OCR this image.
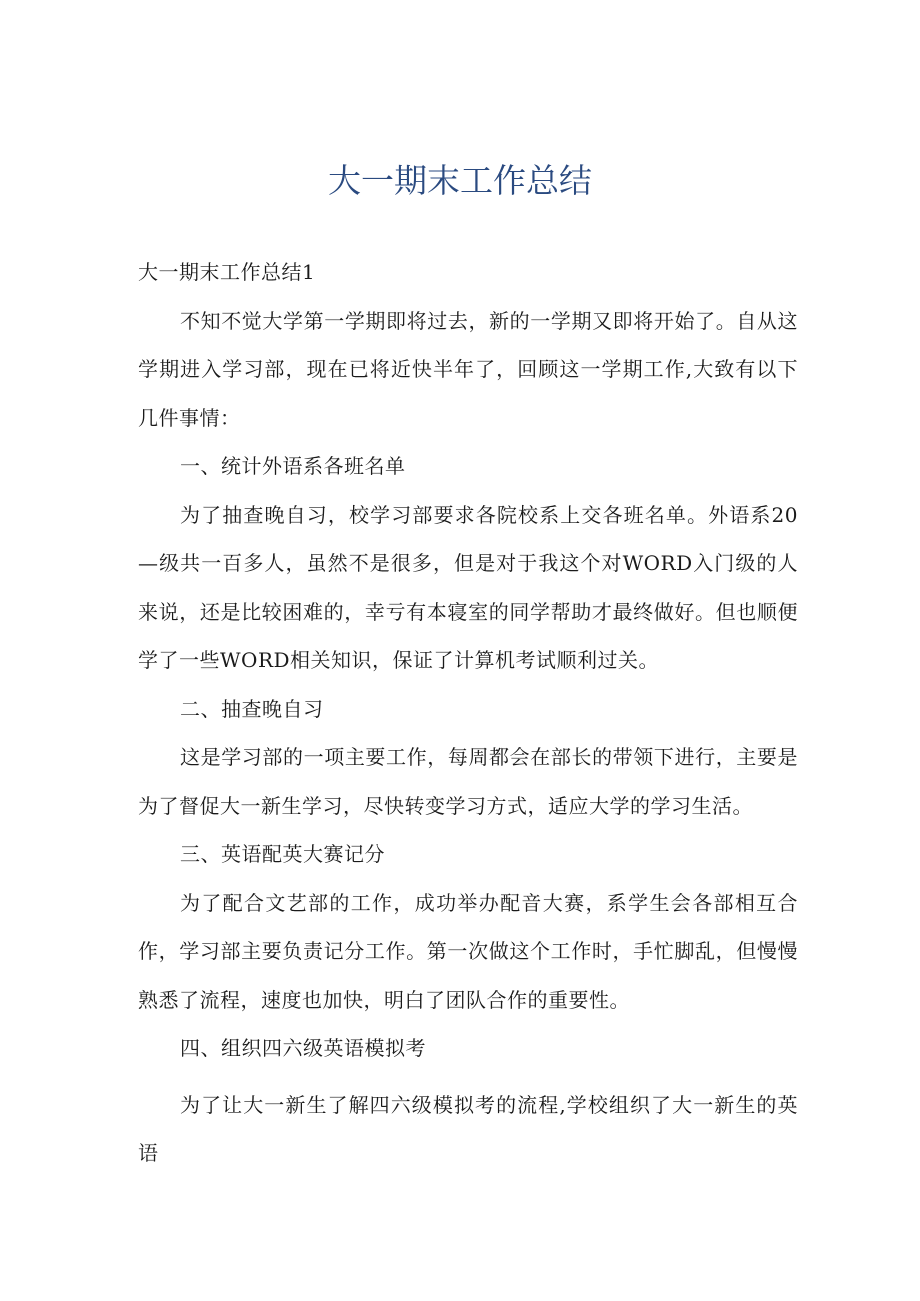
大一期末工作总结

大一期末工作总结1

不知不觉大学第一学期即将过去，新的一学期又即将开始了。自从这学期进入学习部，现在已将近快半年了，回顾这一学期工作,大致有以下几件事情：

一、统计外语系各班名单

为了抽查晚自习，校学习部要求各院校系上交各班名单。外语系20—级共一百多人，虽然不是很多，但是对于我这个对WORD入门级的人来说，还是比较困难的，幸亏有本寝室的同学帮助才最终做好。但也顺便学了一些WORD相关知识，保证了计算机考试顺利过关。

二、抽查晚自习

这是学习部的一项主要工作，每周都会在部长的带领下进行，主要是为了督促大一新生学习，尽快转变学习方式，适应大学的学习生活。

三、英语配英大赛记分

为了配合文艺部的工作，成功举办配音大赛，系学生会各部相互合作，学习部主要负责记分工作。第一次做这个工作时，手忙脚乱，但慢慢熟悉了流程，速度也加快，明白了团队合作的重要性。

四、组织四六级英语模拟考

为了让大一新生了解四六级模拟考的流程,学校组织了大一新生的英语
